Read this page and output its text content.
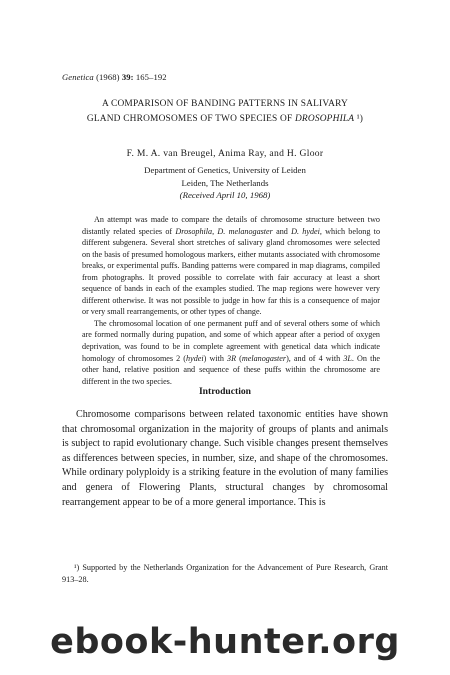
Genetica (1968) 39: 165–192
A COMPARISON OF BANDING PATTERNS IN SALIVARY
GLAND CHROMOSOMES OF TWO SPECIES OF DROSOPHILA ¹)
F. M. A. van Breugel, Anima Ray, and H. Gloor
Department of Genetics, University of Leiden
Leiden, The Netherlands
(Received April 10, 1968)

An attempt was made to compare the details of chromosome structure between two distantly related species of Drosophila, D. melanogaster and D. hydei, which belong to different subgenera. Several short stretches of salivary gland chromosomes were selected on the basis of presumed homologous markers, either mutants associated with chromosome breaks, or experimental puffs. Banding patterns were compared in map diagrams, compiled from photographs. It proved possible to correlate with fair accuracy at least a short sequence of bands in each of the examples studied. The map regions were however very different otherwise. It was not possible to judge in how far this is a consequence of major or very small rearrangements, or other types of change.

The chromosomal location of one permanent puff and of several others some of which are formed normally during pupation, and some of which appear after a period of oxygen deprivation, was found to be in complete agreement with genetical data which indicate homology of chromosomes 2 (hydei) with 3R (melanogaster), and of 4 with 3L. On the other hand, relative position and sequence of these puffs within the chromosome are different in the two species.

Introduction

Chromosome comparisons between related taxonomic entities have shown that chromosomal organization in the majority of groups of plants and animals is subject to rapid evolutionary change. Such visible changes present themselves as differences between species, in number, size, and shape of the chromosomes. While ordinary polyploidy is a striking feature in the evolution of many families and genera of Flowering Plants, structural changes by chromosomal rearrangement appear to be of a more general importance. This is

¹) Supported by the Netherlands Organization for the Advancement of Pure Research, Grant 913–28.

ebook-hunter.org
